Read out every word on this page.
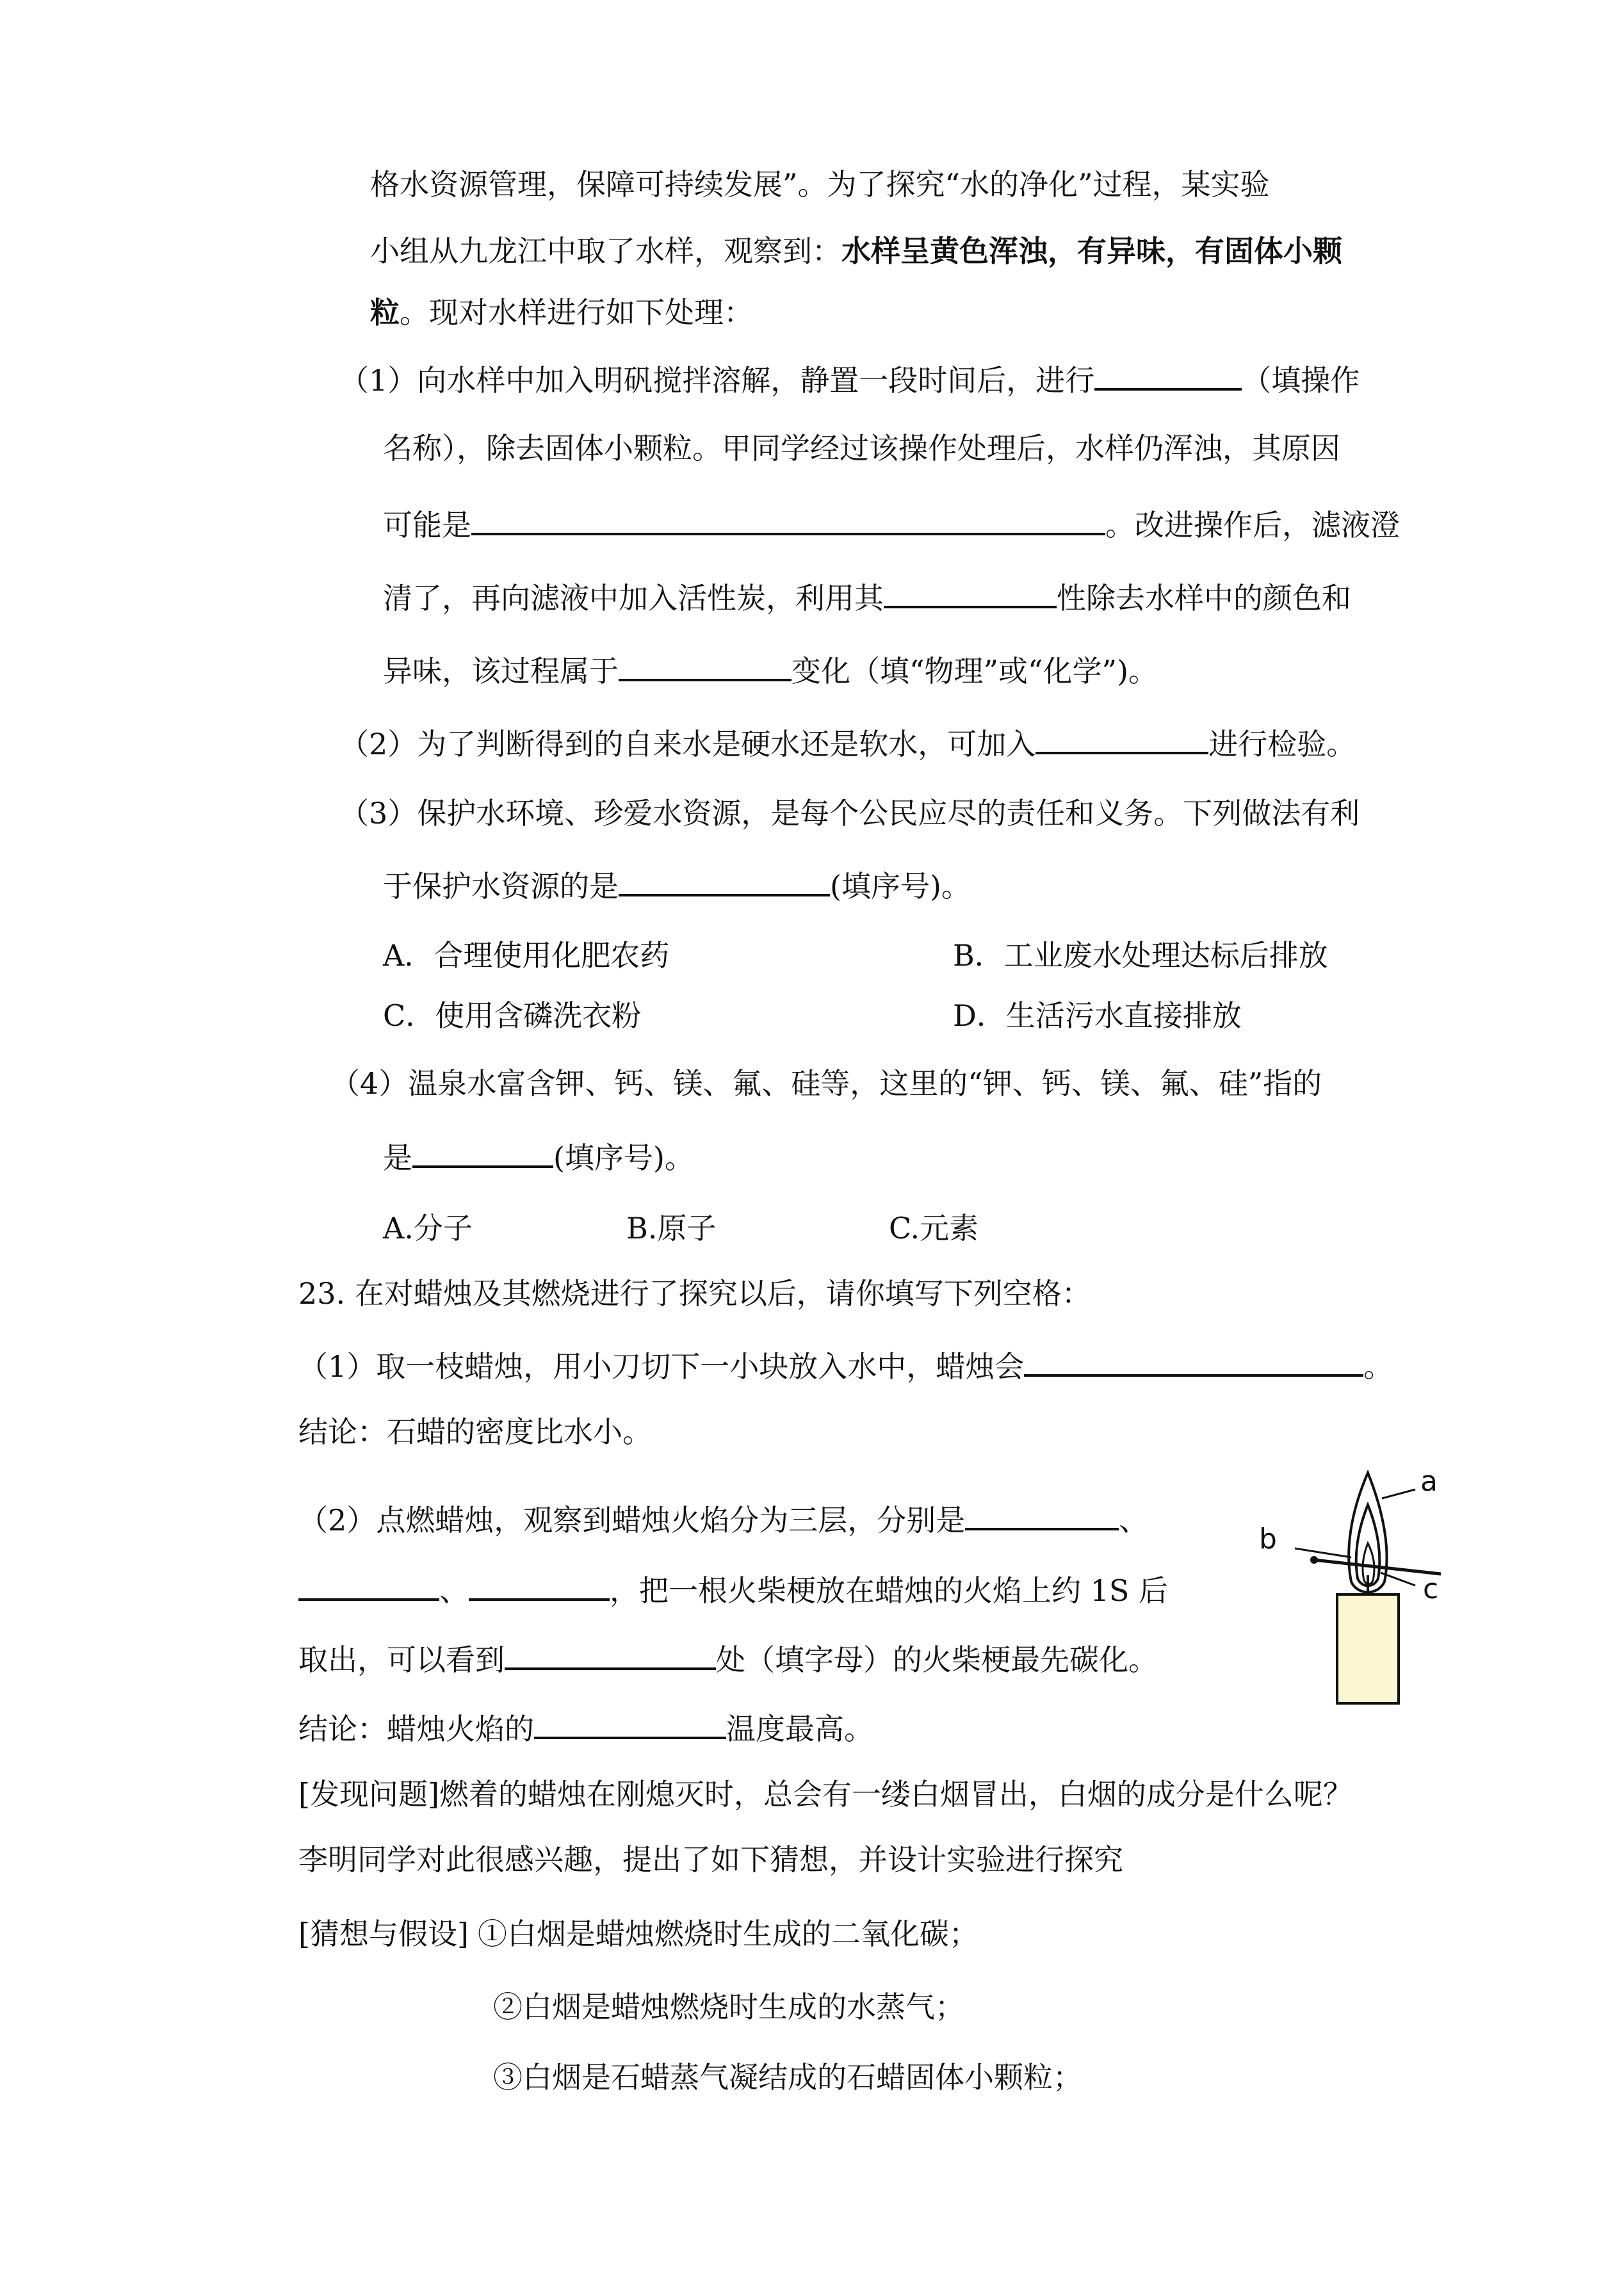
格水资源管理，保障可持续发展”。为了探究“水的净化”过程，某实验
小组从九龙江中取了水样，观察到：水样呈黄色浑浊，有异味，有固体小颗
粒。现对水样进行如下处理：
（1）向水样中加入明矾搅拌溶解，静置一段时间后，进行	（填操作
名称），除去固体小颗粒。甲同学经过该操作处理后，水样仍浑浊，其原因
可能是	。改进操作后，滤液澄
清了，再向滤液中加入活性炭，利用其	性除去水样中的颜色和
异味，该过程属于	变化（填“物理”或“化学”)。
（2）为了判断得到的自来水是硬水还是软水，可加入	进行检验。
（3）保护水环境、珍爱水资源，是每个公民应尽的责任和义务。下列做法有利
于保护水资源的是	(填序号)。
A．合理使用化肥农药	B．工业废水处理达标后排放
C．使用含磷洗衣粉	D．生活污水直接排放
（4）温泉水富含钾、钙、镁、氟、硅等，这里的“钾、钙、镁、氟、硅”指的
是	(填序号)。
A.分子	B.原子	C.元素
23. 在对蜡烛及其燃烧进行了探究以后，请你填写下列空格：
（1）取一枝蜡烛，用小刀切下一小块放入水中，蜡烛会	。
结论：石蜡的密度比水小。
（2）点燃蜡烛，观察到蜡烛火焰分为三层，分别是	、
、	，把一根火柴梗放在蜡烛的火焰上约 1S 后
取出，可以看到	处（填字母）的火柴梗最先碳化。
结论：蜡烛火焰的	温度最高。
[发现问题]燃着的蜡烛在刚熄灭时，总会有一缕白烟冒出，白烟的成分是什么呢？
李明同学对此很感兴趣，提出了如下猜想，并设计实验进行探究
[猜想与假设] ①白烟是蜡烛燃烧时生成的二氧化碳；
②白烟是蜡烛燃烧时生成的水蒸气；
③白烟是石蜡蒸气凝结成的石蜡固体小颗粒；
a
b
c
